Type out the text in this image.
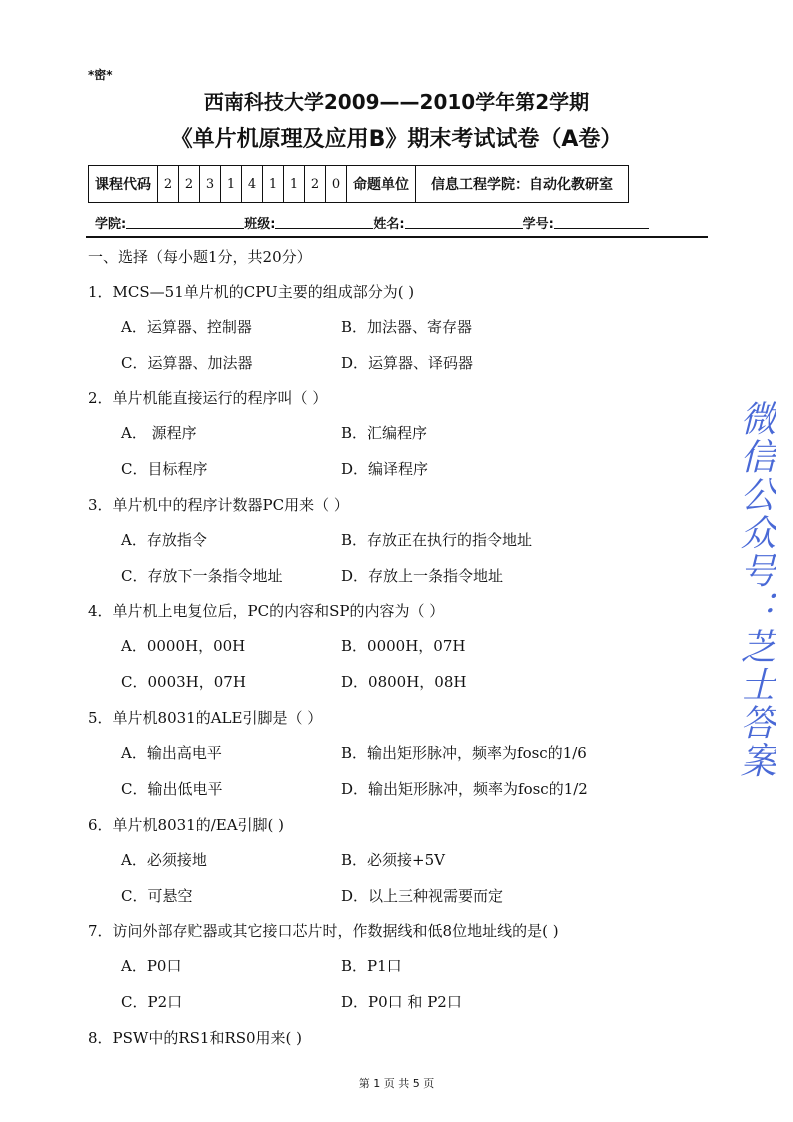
*密*
西南科技大学2009——2010学年第2学期
《单片机原理及应用B》期末考试试卷（A卷）
课程代码	2	2	3	1	4	1	1	2	0	命题单位	信息工程学院：自动化教研室
学院:	班级:	姓名:	学号:
一、选择（每小题1分，共20分）
1．MCS—51单片机的CPU主要的组成部分为( )
A．运算器、控制器	B．加法器、寄存器
C．运算器、加法器	D．运算器、译码器
2．单片机能直接运行的程序叫（ ）
A． 源程序	B．汇编程序
C．目标程序	D．编译程序
3．单片机中的程序计数器PC用来（ ）
A．存放指令	B．存放正在执行的指令地址
C．存放下一条指令地址	D．存放上一条指令地址
4．单片机上电复位后，PC的内容和SP的内容为（ ）
A．0000H，00H	B．0000H，07H
C．0003H，07H	D．0800H，08H
5．单片机8031的ALE引脚是（ ）
A．输出高电平	B．输出矩形脉冲，频率为fosc的1/6
C．输出低电平	D．输出矩形脉冲，频率为fosc的1/2
6．单片机8031的/EA引脚( )
A．必须接地	B．必须接+5V
C．可悬空	D．以上三种视需要而定
7．访问外部存贮器或其它接口芯片时，作数据线和低8位地址线的是( )
A．P0口	B．P1口
C．P2口	D．P0口 和 P2口
8．PSW中的RS1和RS0用来( )
微信公众号：芝士答案
第 1 页 共 5 页
